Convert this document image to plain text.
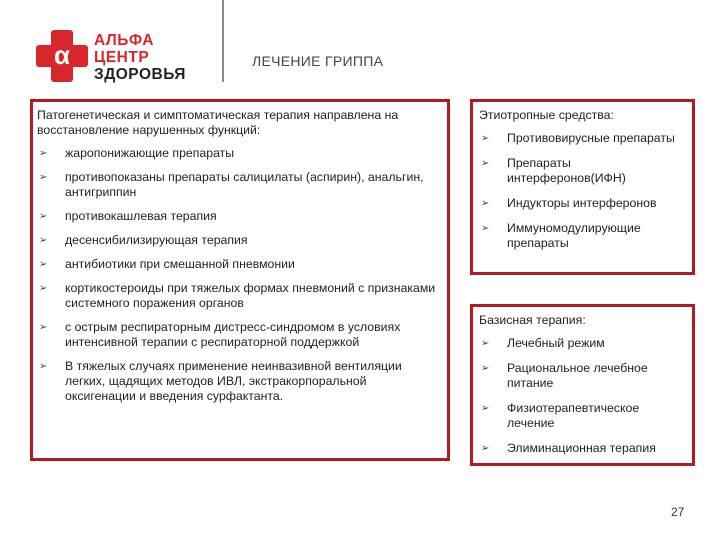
α	АЛЬФА
ЦЕНТР
ЗДОРОВЬЯ
ЛЕЧЕНИЕ ГРИППА

Патогенетическая и симптоматическая терапия направлена на восстановление нарушенных функций:

➢ жаропонижающие препараты
➢ противопоказаны препараты салицилаты (аспирин), анальгин, антигриппин
➢ противокашлевая терапия
➢ десенсибилизирующая терапия
➢ антибиотики при смешанной пневмонии
➢ кортикостероиды при тяжелых формах пневмоний с признаками системного поражения органов
➢ с острым респираторным дистресс-синдромом в условиях интенсивной терапии с респираторной поддержкой
➢ В тяжелых случаях применение неинвазивной вентиляции легких, щадящих методов ИВЛ, экстракорпоральной оксигенации и введения сурфактанта.

Этиотропные средства:

➢ Противовирусные препараты
➢ Препараты интерферонов(ИФН)
➢ Индукторы интерферонов
➢ Иммуномодулирующие препараты

Базисная терапия:

➢ Лечебный режим
➢ Рациональное лечебное питание
➢ Физиотерапевтическое лечение
➢ Элиминационная терапия
27
